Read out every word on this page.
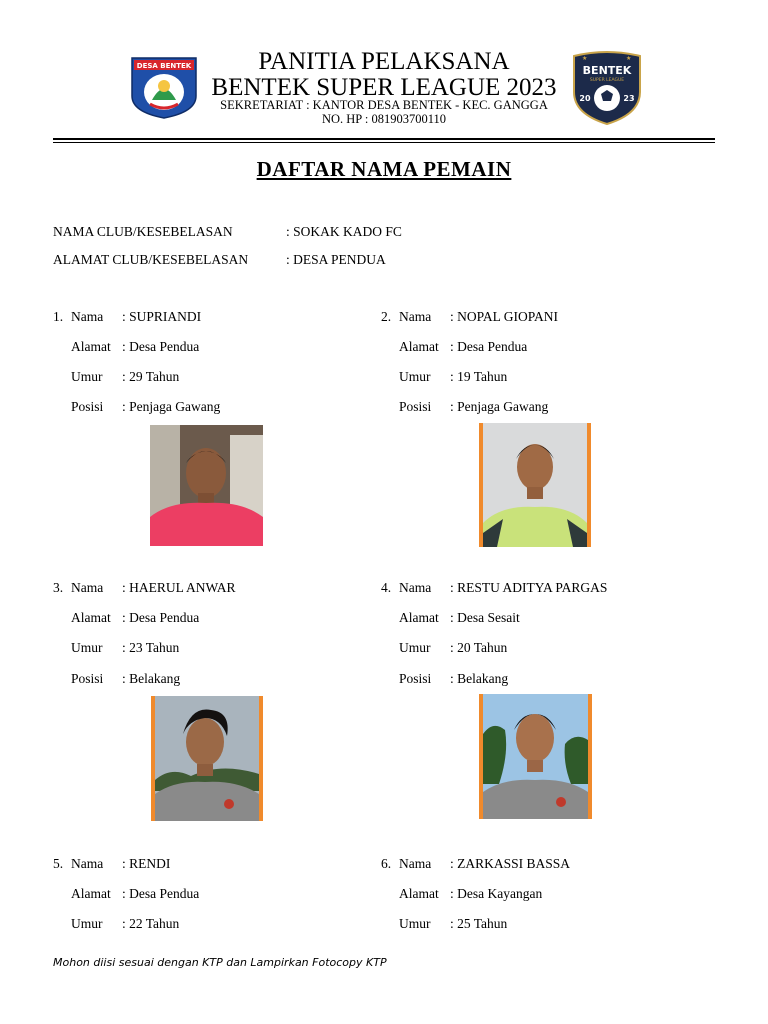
DESA BENTEK	PANITIA PELAKSANA
BENTEK SUPER LEAGUE 2023
SEKRETARIAT : KANTOR DESA BENTEK - KEC. GANGGA
NO. HP : 081903700110
★	★
BENTEK
SUPER LEAGUE
20	23
DAFTAR NAMA PEMAIN
NAMA CLUB/KESEBELASAN	: SOKAK KADO FC
ALAMAT CLUB/KESEBELASAN	: DESA PENDUA
1. Nama : SUPRIANDI
Alamat : Desa Pendua
Umur : 29 Tahun
Posisi : Penjaga Gawang
2. Nama : NOPAL GIOPANI
Alamat : Desa Pendua
Umur : 19 Tahun
Posisi : Penjaga Gawang
3. Nama : HAERUL ANWAR
Alamat : Desa Pendua
Umur : 23 Tahun
Posisi : Belakang
4. Nama : RESTU ADITYA PARGAS
Alamat : Desa Sesait
Umur : 20 Tahun
Posisi : Belakang
5. Nama : RENDI
Alamat : Desa Pendua
Umur : 22 Tahun
6. Nama : ZARKASSI BASSA
Alamat : Desa Kayangan
Umur : 25 Tahun
Mohon diisi sesuai dengan KTP dan Lampirkan Fotocopy KTP
